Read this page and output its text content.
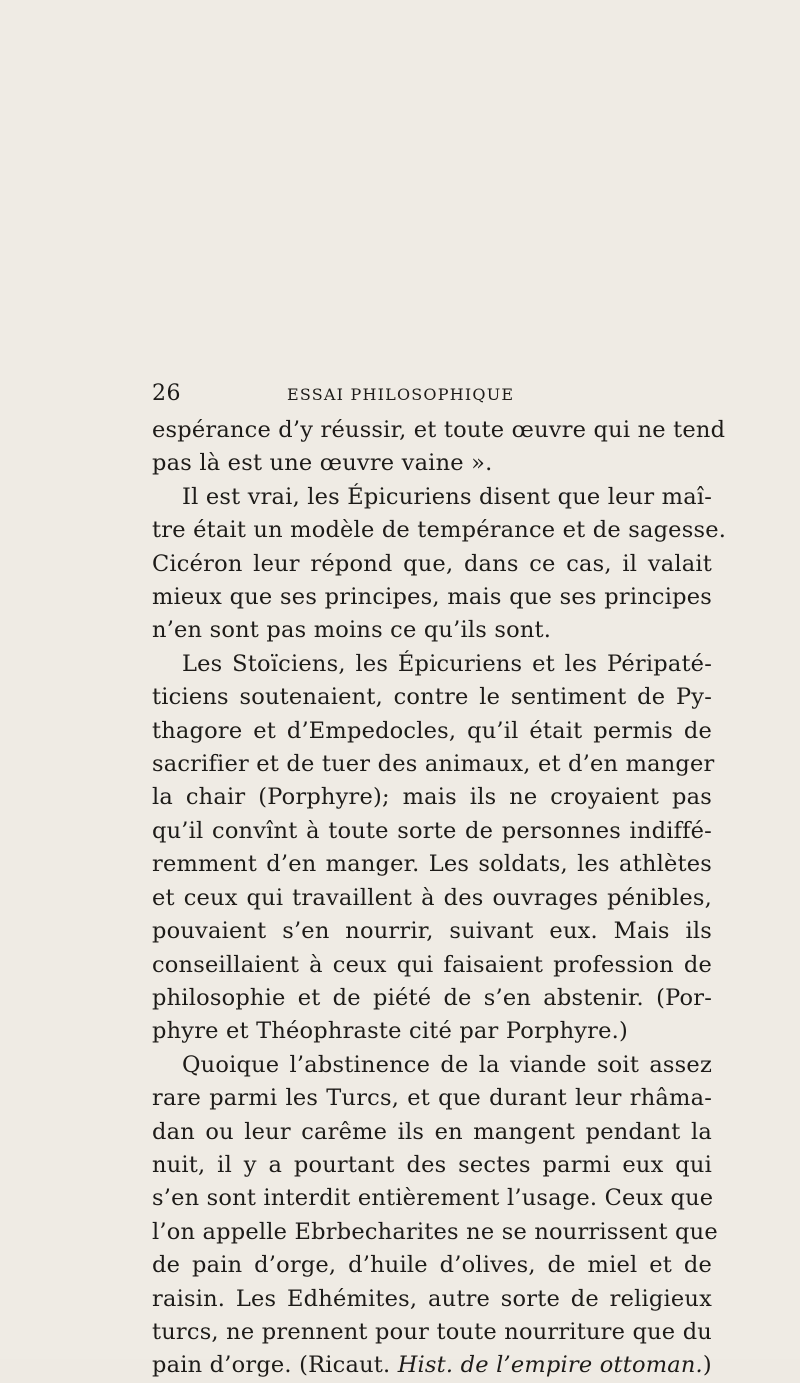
26	ESSAI PHILOSOPHIQUE
espérance d’y réussir, et toute œuvre qui ne tend
pas là est une œuvre vaine ».
Il est vrai, les Épicuriens disent que leur maî-
tre était un modèle de tempérance et de sagesse.
Cicéron leur répond que, dans ce cas, il valait
mieux que ses principes, mais que ses principes
n’en sont pas moins ce qu’ils sont.
Les Stoïciens, les Épicuriens et les Péripaté-
ticiens soutenaient, contre le sentiment de Py-
thagore et d’Empedocles, qu’il était permis de
sacrifier et de tuer des animaux, et d’en manger
la chair (Porphyre); mais ils ne croyaient pas
qu’il convînt à toute sorte de personnes indiffé-
remment d’en manger. Les soldats, les athlètes
et ceux qui travaillent à des ouvrages pénibles,
pouvaient s’en nourrir, suivant eux. Mais ils
conseillaient à ceux qui faisaient profession de
philosophie et de piété de s’en abstenir. (Por-
phyre et Théophraste cité par Porphyre.)
Quoique l’abstinence de la viande soit assez
rare parmi les Turcs, et que durant leur rhâma-
dan ou leur carême ils en mangent pendant la
nuit, il y a pourtant des sectes parmi eux qui
s’en sont interdit entièrement l’usage. Ceux que
l’on appelle Ebrbecharites ne se nourrissent que
de pain d’orge, d’huile d’olives, de miel et de
raisin. Les Edhémites, autre sorte de religieux
turcs, ne prennent pour toute nourriture que du
pain d’orge. (Ricaut. Hist. de l’empire ottoman.)
